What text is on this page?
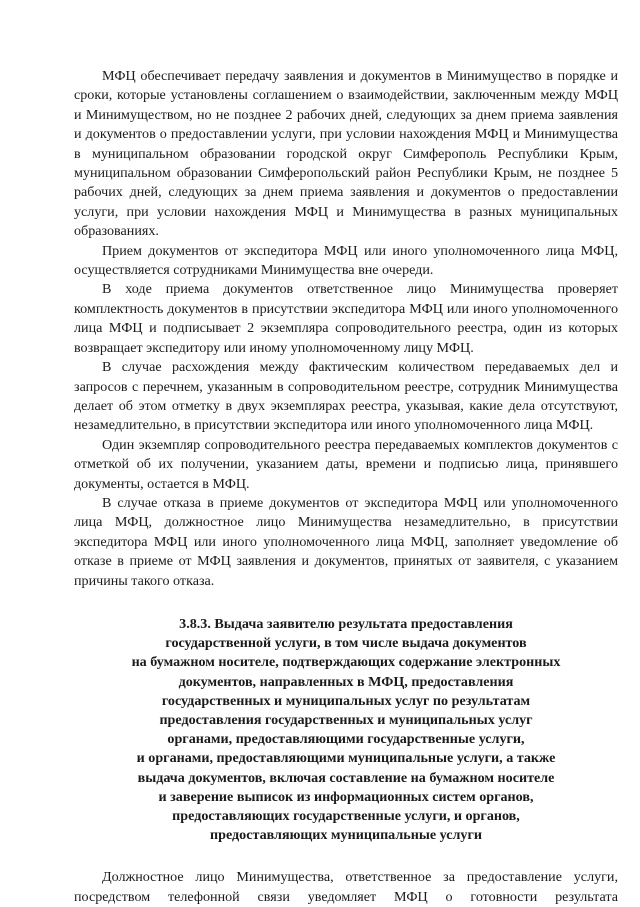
МФЦ обеспечивает передачу заявления и документов в Минимущество в порядке и сроки, которые установлены соглашением о взаимодействии, заключенным между МФЦ и Минимуществом, но не позднее 2 рабочих дней, следующих за днем приема заявления и документов о предоставлении услуги, при условии нахождения МФЦ и Минимущества в муниципальном образовании городской округ Симферополь Республики Крым, муниципальном образовании Симферопольский район Республики Крым, не позднее 5 рабочих дней, следующих за днем приема заявления и документов о предоставлении услуги, при условии нахождения МФЦ и Минимущества в разных муниципальных образованиях.

Прием документов от экспедитора МФЦ или иного уполномоченного лица МФЦ, осуществляется сотрудниками Минимущества вне очереди.

В ходе приема документов ответственное лицо Минимущества проверяет комплектность документов в присутствии экспедитора МФЦ или иного уполномоченного лица МФЦ и подписывает 2 экземпляра сопроводительного реестра, один из которых возвращает экспедитору или иному уполномоченному лицу МФЦ.

В случае расхождения между фактическим количеством передаваемых дел и запросов с перечнем, указанным в сопроводительном реестре, сотрудник Минимущества делает об этом отметку в двух экземплярах реестра, указывая, какие дела отсутствуют, незамедлительно, в присутствии экспедитора или иного уполномоченного лица МФЦ.

Один экземпляр сопроводительного реестра передаваемых комплектов документов с отметкой об их получении, указанием даты, времени и подписью лица, принявшего документы, остается в МФЦ.

В случае отказа в приеме документов от экспедитора МФЦ или уполномоченного лица МФЦ, должностное лицо Минимущества незамедлительно, в присутствии экспедитора МФЦ или иного уполномоченного лица МФЦ, заполняет уведомление об отказе в приеме от МФЦ заявления и документов, принятых от заявителя, с указанием причины такого отказа.

3.8.3. Выдача заявителю результата предоставления
государственной услуги, в том числе выдача документов
на бумажном носителе, подтверждающих содержание электронных
документов, направленных в МФЦ, предоставления
государственных и муниципальных услуг по результатам
предоставления государственных и муниципальных услуг
органами, предоставляющими государственные услуги,
и органами, предоставляющими муниципальные услуги, а также
выдача документов, включая составление на бумажном носителе
и заверение выписок из информационных систем органов,
предоставляющих государственные услуги, и органов,
предоставляющих муниципальные услуги
Должностное лицо Минимущества, ответственное за предоставление услуги,
посредством телефонной связи уведомляет МФЦ о готовности результата
